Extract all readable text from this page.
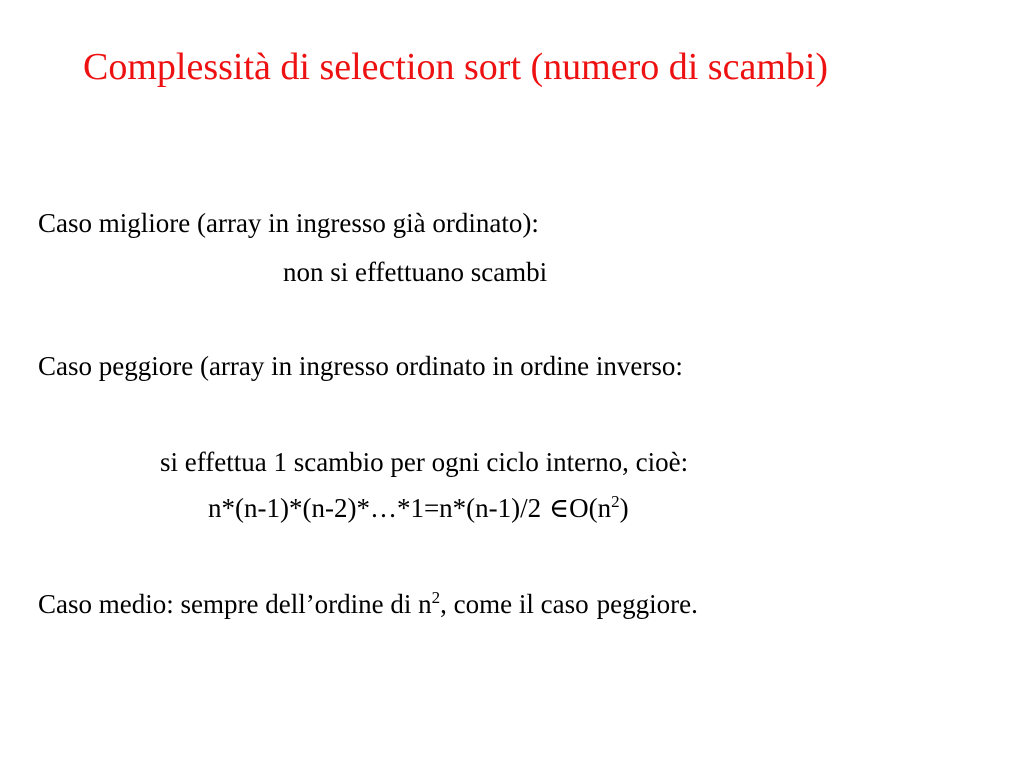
Complessità di selection sort (numero di scambi)
Caso migliore (array in ingresso già ordinato):
non si effettuano scambi
Caso peggiore (array in ingresso ordinato in ordine inverso:
si effettua 1 scambio per ogni ciclo interno, cioè:
n*(n-1)*(n-2)*…*1=n*(n-1)/2 $\in O(n^2)$
Caso medio: sempre dell’ordine di $n^2$, come il caso peggiore.
